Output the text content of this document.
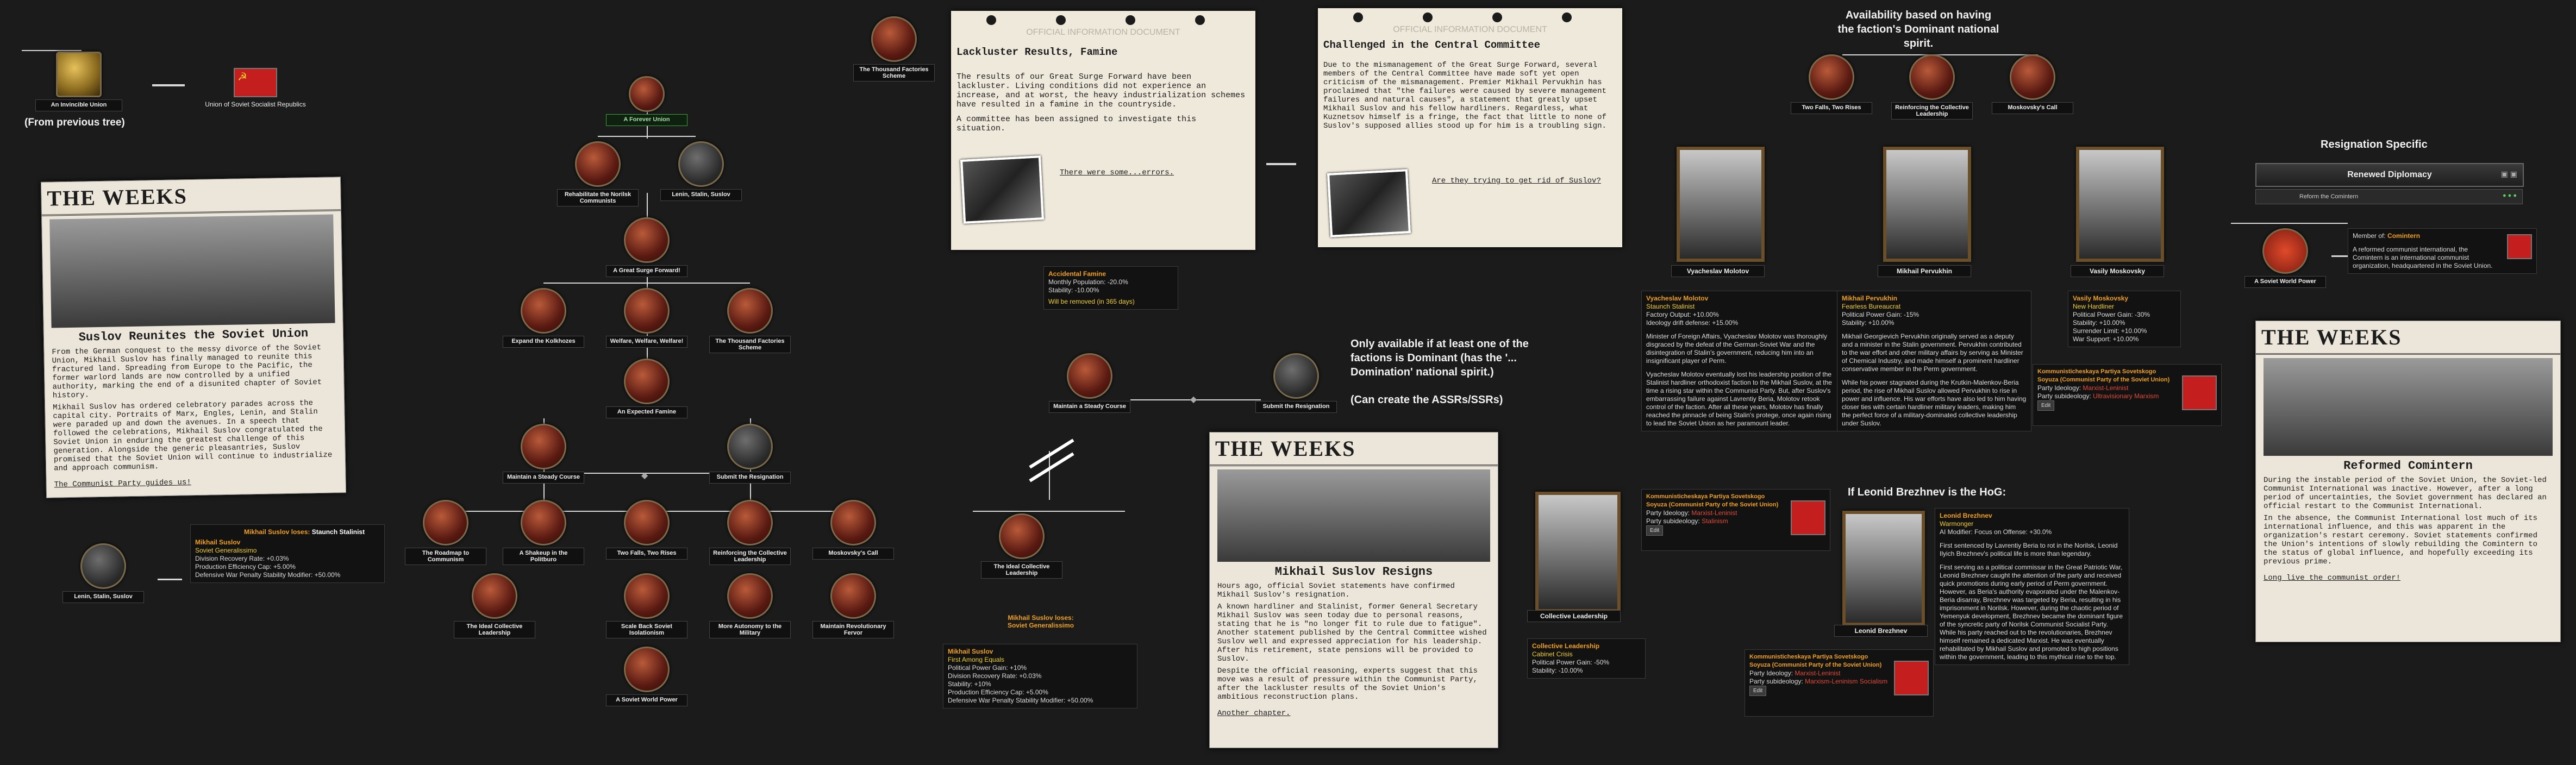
An Invincible Union
☭
Union of Soviet Socialist Republics
(From previous tree)
THE WEEKS
Suslov Reunites the Soviet Union
From the German conquest to the messy divorce of the Soviet Union, Mikhail Suslov has finally managed to reunite this fractured land. Spreading from Europe to the Pacific, the former warlord lands are now controlled by a unified authority, marking the end of a disunited chapter of Soviet history.
Mikhail Suslov has ordered celebratory parades across the capital city. Portraits of Marx, Engles, Lenin, and Stalin were paraded up and down the avenues. In a speech that followed the celebrations, Mikhail Suslov congratulated the Soviet Union in enduring the greatest challenge of this generation. Alongside the generic pleasantries, Suslov promised that the Soviet Union will continue to industrialize and approach communism.
The Communist Party guides us!
Lenin, Stalin, Suslov
Mikhail Suslov loses: Staunch Stalinist
Mikhail Suslov
Soviet Generalissimo
Division Recovery Rate: +0.03%
Production Efficiency Cap: +5.00%
Defensive War Penalty Stability Modifier: +50.00%
A Forever Union
Rehabilitate the Norilsk Communists
Lenin, Stalin, Suslov
A Great Surge Forward!
Expand the Kolkhozes	Welfare, Welfare, Welfare!	The Thousand Factories Scheme
An Expected Famine
Maintain a Steady Course	◆	Submit the Resignation
The Roadmap to Communism
A Shakeup in the Politburo
Two Falls, Two Rises	Reinforcing the Collective Leadership
Moskovsky's Call
The Ideal Collective Leadership
Scale Back Soviet Isolationism
More Autonomy to the Military
Maintain Revolutionary Fervor
A Soviet World Power
The Thousand Factories Scheme
OFFICIAL INFORMATION DOCUMENT
Lackluster Results, Famine

The results of our Great Surge Forward have been lackluster. Living conditions did not experience an increase, and at worst, the heavy industrialization schemes have resulted in a famine in the countryside.

A committee has been assigned to investigate this situation.

There were some...errors.
OFFICIAL INFORMATION DOCUMENT
Challenged in the Central Committee

Due to the mismanagement of the Great Surge Forward, several members of the Central Committee have made soft yet open criticism of the mismanagement. Premier Mikhail Pervukhin has proclaimed that "the failures were caused by severe management failures and natural causes", a statement that greatly upset Mikhail Suslov and his fellow hardliners. Regardless, what Kuznetsov himself is a fringe, the fact that little to none of Suslov's supposed allies stood up for him is a troubling sign.

Are they trying to get rid of Suslov?
Accidental Famine
Monthly Population: -20.0%
Stability: -10.00%
Will be removed (in 365 days)
Maintain a Steady Course
◆
Submit the Resignation
Only available if at least one of the factions is Dominant (has the '... Domination' national spirit.)
(Can create the ASSRs/SSRs)
The Ideal Collective Leadership
Mikhail Suslov loses:
Soviet Generalissimo
Mikhail Suslov
First Among Equals
Political Power Gain: +10%
Division Recovery Rate: +0.03%
Stability: +10%
Production Efficiency Cap: +5.00%
Defensive War Penalty Stability Modifier: +50.00%
THE WEEKS
Mikhail Suslov Resigns
Hours ago, official Soviet statements have confirmed Mikhail Suslov's resignation.
A known hardliner and Stalinist, former General Secretary Mikhail Suslov was seen today due to personal reasons, stating that he is "no longer fit to rule due to fatigue". Another statement published by the Central Committee wished Suslov well and expressed appreciation for his leadership. After his retirement, state pensions will be provided to Suslov.
Despite the official reasoning, experts suggest that this move was a result of pressure within the Communist Party, after the lackluster results of the Soviet Union's ambitious reconstruction plans.
Another chapter.
Collective Leadership
Collective Leadership
Cabinet Crisis
Political Power Gain: -50%
Stability: -10.00%
Availability based on having the faction's Dominant national spirit.
Two Falls, Two Rises	Reinforcing the Collective Leadership
Moskovsky's Call
Vyacheslav Molotov
Vyacheslav Molotov
Staunch Stalinist
Factory Output: +10.00%
Ideology drift defense: +15.00%
Minister of Foreign Affairs, Vyacheslav Molotov was thoroughly disgraced by the defeat of the German-Soviet War and the disintegration of Stalin's government, reducing him into an insignificant player of Perm.
Vyacheslav Molotov eventually lost his leadership position of the Stalinist hardliner orthodoxist faction to the Mikhail Suslov, at the time a rising star within the Communist Party. But, after Suslov's embarrassing failure against Lavrentiy Beria, Molotov retook control of the faction. After all these years, Molotov has finally reached the pinnacle of being Stalin's protege, once again rising to lead the Soviet Union as her paramount leader.
Mikhail Pervukhin
Mikhail Pervukhin
Fearless Bureaucrat
Political Power Gain: -15%
Stability: +10.00%
Mikhail Georgievich Pervukhin originally served as a deputy and a minister in the Stalin government. Pervukhin contributed to the war effort and other military affairs by serving as Minister of Chemical Industry, and made himself a prominent hardliner conservative member in the Perm government.
While his power stagnated during the Krutkin-Malenkov-Beria period, the rise of Mikhail Suslov allowed Pervukhin to rise in power and influence. His war efforts have also led to him having closer ties with certain hardliner military leaders, making him the perfect force of a military-dominated collective leadership under Suslov.
Vasily Moskovsky
Vasily Moskovsky
New Hardliner
Political Power Gain: -30%
Stability: +10.00%
Surrender Limit: +10.00%
War Support: +10.00%
Kommunisticheskaya Partiya Sovetskogo Soyuza (Communist Party of the Soviet Union)
Party Ideology: Marxist-Leninist
Party subideology: Ultravisionary Marxism
Edit
Kommunisticheskaya Partiya Sovetskogo Soyuza (Communist Party of the Soviet Union)
Party Ideology: Marxist-Leninist
Party subideology: Stalinism
Edit
If Leonid Brezhnev is the HoG:
Leonid Brezhnev
Leonid Brezhnev
Warmonger
AI Modifier: Focus on Offense: +30.0%
First sentenced by Lavrentiy Beria to rot in the Norilsk, Leonid Ilyich Brezhnev's political life is more than legendary.
First serving as a political commissar in the Great Patriotic War, Leonid Brezhnev caught the attention of the party and received quick promotions during early period of Perm government. However, as Beria's authority evaporated under the Malenkov-Beria disarray, Brezhnev was targeted by Beria, resulting in his imprisonment in Norilsk. However, during the chaotic period of Yemenyuk development, Brezhnev became the dominant figure of the syncretic party of Norilsk Communist Socialist Party. While his party reached out to the revolutionaries, Brezhnev himself remained a dedicated Marxist. He was eventually rehabilitated by Mikhail Suslov and promoted to high positions within the government, leading to this mythical rise to the top.
Kommunisticheskaya Partiya Sovetskogo Soyuza (Communist Party of the Soviet Union)
Party Ideology: Marxist-Leninist
Party subideology: Marxism-Leninism Socialism
Edit
Resignation Specific
Renewed Diplomacy	▣ ▣
Reform the Comintern	● ● ●
A Soviet World Power
Member of: Comintern
A reformed communist international, the Comintern is an international communist organization, headquartered in the Soviet Union.
THE WEEKS
Reformed Comintern
During the instable period of the Soviet Union, the Soviet-led Communist International was inactive. However, after a long period of uncertainties, the Soviet government has declared an official restart to the Communist International.
In the absence, the Communist International lost much of its international influence, and this was apparent in the organization's restart ceremony. Soviet statements confirmed the Union's intentions of slowly rebuilding the Comintern to the status of global influence, and hopefully exceeding its previous prime.
Long live the communist order!
